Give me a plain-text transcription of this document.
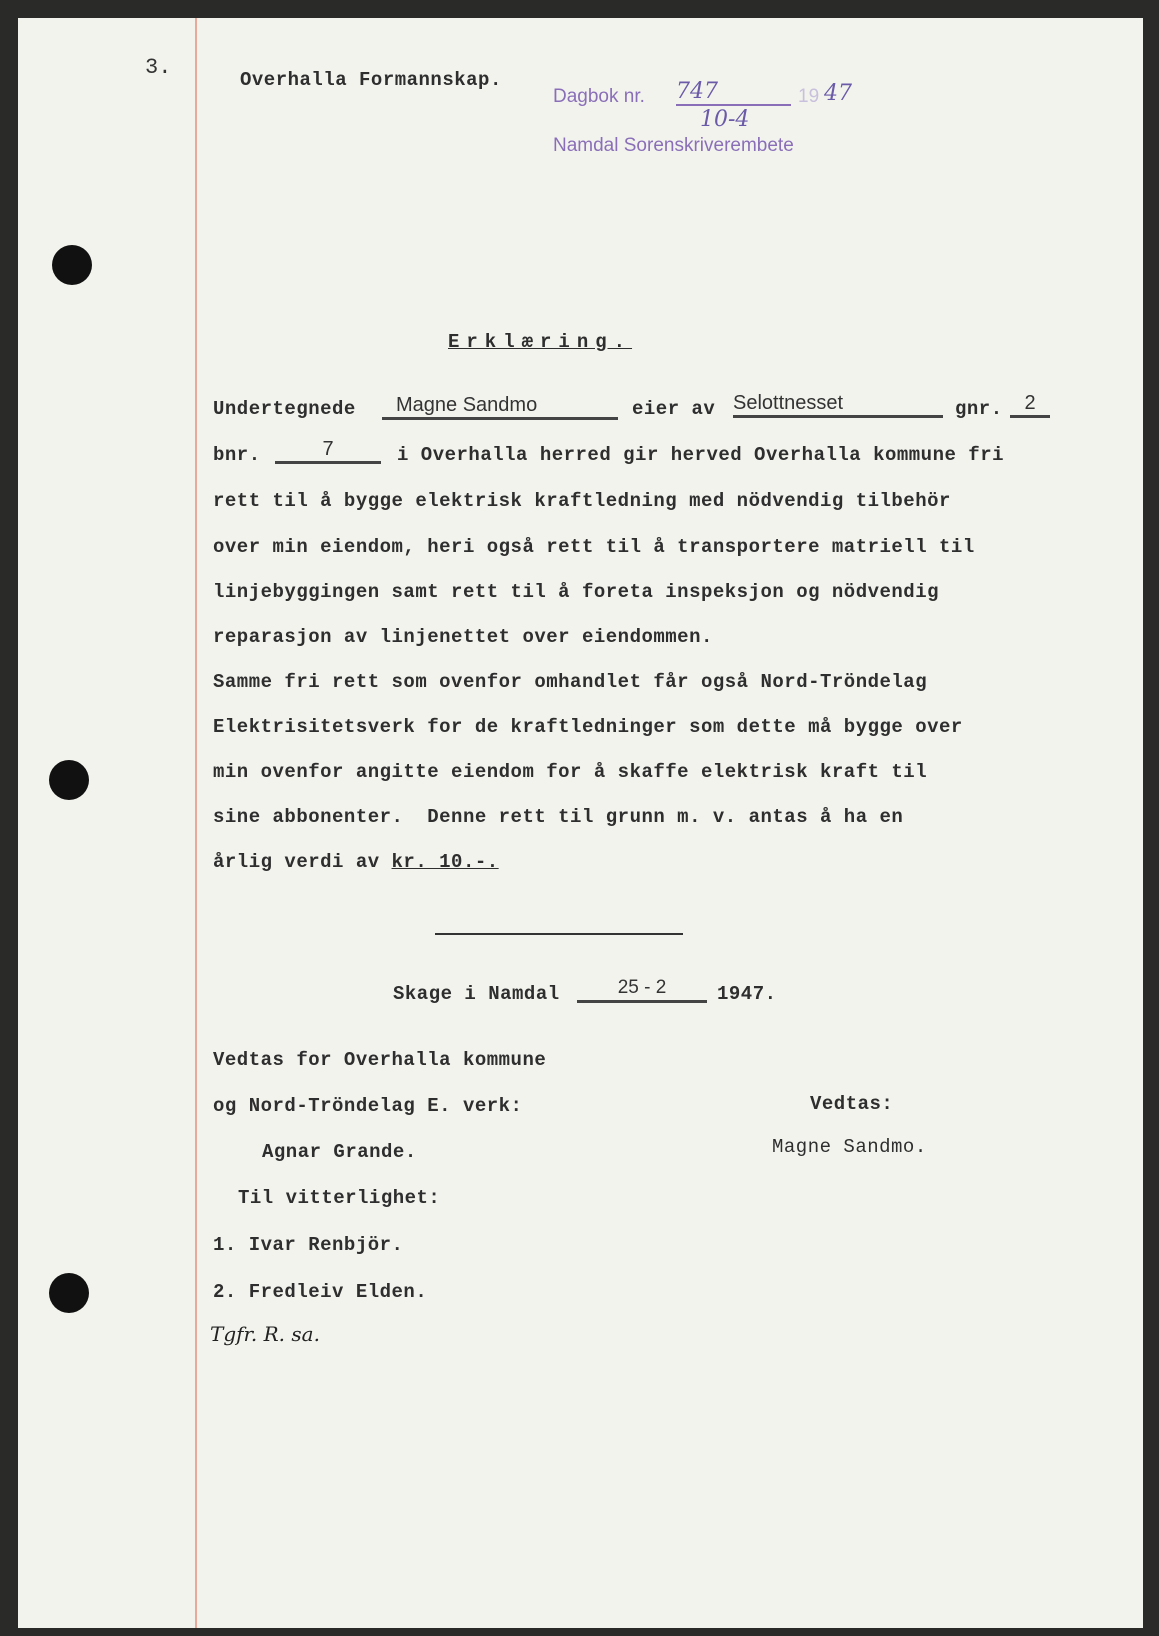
3.	Overhalla Formannskap.
Dagbok nr. 747	19 47
10-4
Namdal Sorenskriverembete
Erklæring.
Undertegnede	Magne Sandmo	eier av Selottnesset	gnr.	2
bnr.	7	i Overhalla herred gir herved Overhalla kommune fri
rett til å bygge elektrisk kraftledning med nödvendig tilbehör
over min eiendom, heri også rett til å transportere matriell til
linjebyggingen samt rett til å foreta inspeksjon og nödvendig
reparasjon av linjenettet over eiendommen.
Samme fri rett som ovenfor omhandlet får også Nord-Tröndelag
Elektrisitetsverk for de kraftledninger som dette må bygge over
min ovenfor angitte eiendom for å skaffe elektrisk kraft til
sine abbonenter.  Denne rett til grunn m. v. antas å ha en
årlig verdi av kr. 10.-.
Skage i Namdal	25 - 2	1947.
Vedtas for Overhalla kommune
og Nord-Tröndelag E. verk:
Agnar Grande.
Til vitterlighet:
1. Ivar Renbjör.
2. Fredleiv Elden.
Vedtas:
Magne Sandmo.
Tgfr. R. sa.
